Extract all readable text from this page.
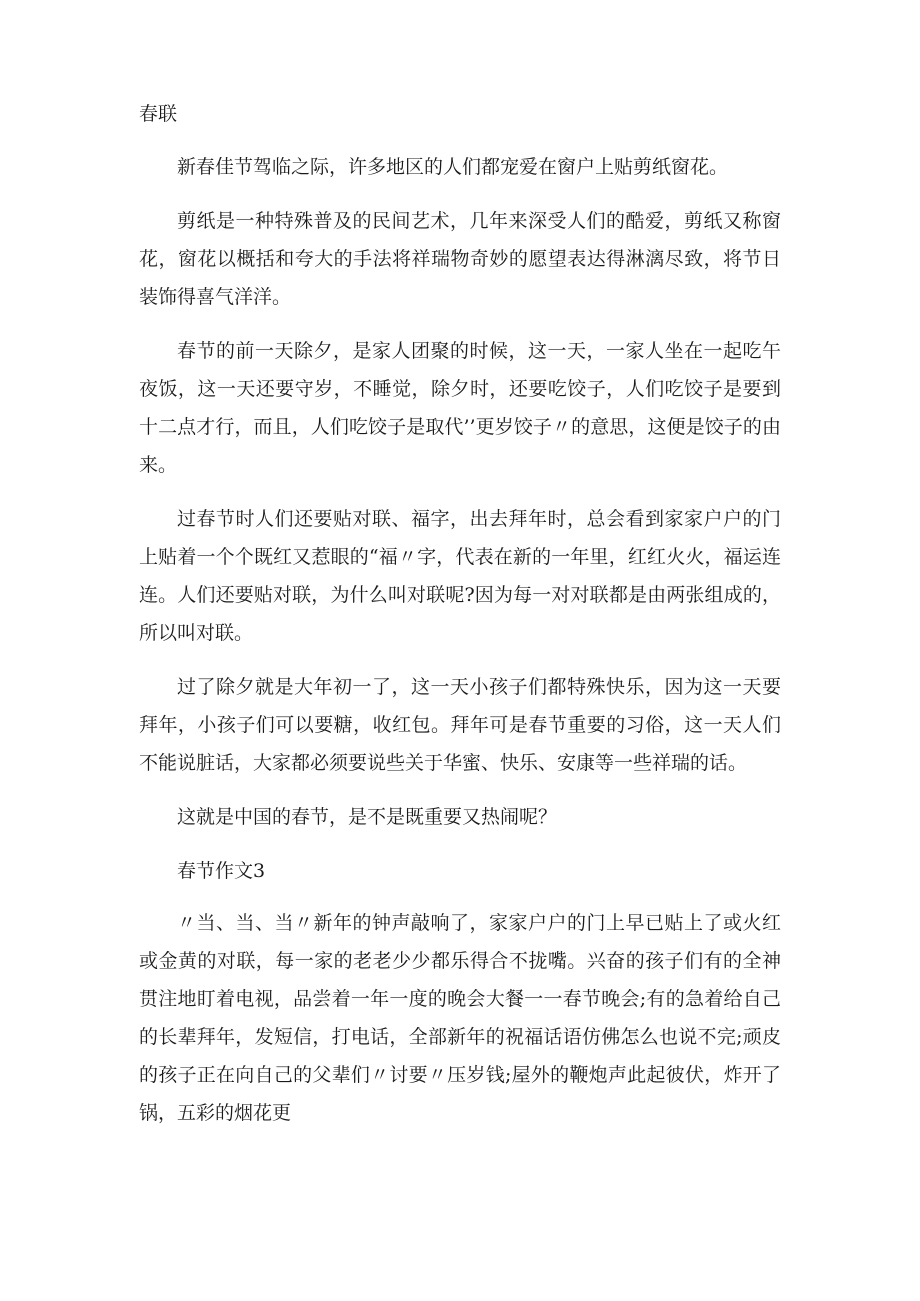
春联

新春佳节驾临之际，许多地区的人们都宠爱在窗户上贴剪纸窗花。

剪纸是一种特殊普及的民间艺术，几年来深受人们的酷爱，剪纸又称窗花，窗花以概括和夸大的手法将祥瑞物奇妙的愿望表达得淋漓尽致，将节日装饰得喜气洋洋。

春节的前一天除夕，是家人团聚的时候，这一天，一家人坐在一起吃午夜饭，这一天还要守岁，不睡觉，除夕时，还要吃饺子，人们吃饺子是要到十二点才行，而且，人们吃饺子是取代’’更岁饺子〃的意思，这便是饺子的由来。

过春节时人们还要贴对联、福字，出去拜年时，总会看到家家户户的门上贴着一个个既红又惹眼的“福〃字，代表在新的一年里，红红火火，福运连连。人们还要贴对联，为什么叫对联呢?因为每一对对联都是由两张组成的，所以叫对联。

过了除夕就是大年初一了，这一天小孩子们都特殊快乐，因为这一天要拜年，小孩子们可以要糖，收红包。拜年可是春节重要的习俗，这一天人们不能说脏话，大家都必须要说些关于华蜜、快乐、安康等一些祥瑞的话。

这就是中国的春节，是不是既重要又热闹呢？

春节作文3

〃当、当、当〃新年的钟声敲响了，家家户户的门上早已贴上了或火红或金黄的对联，每一家的老老少少都乐得合不拢嘴。兴奋的孩子们有的全神贯注地盯着电视，品尝着一年一度的晚会大餐一一春节晚会;有的急着给自己的长辈拜年，发短信，打电话，全部新年的祝福话语仿佛怎么也说不完;顽皮的孩子正在向自己的父辈们〃讨要〃压岁钱;屋外的鞭炮声此起彼伏，炸开了锅，五彩的烟花更
